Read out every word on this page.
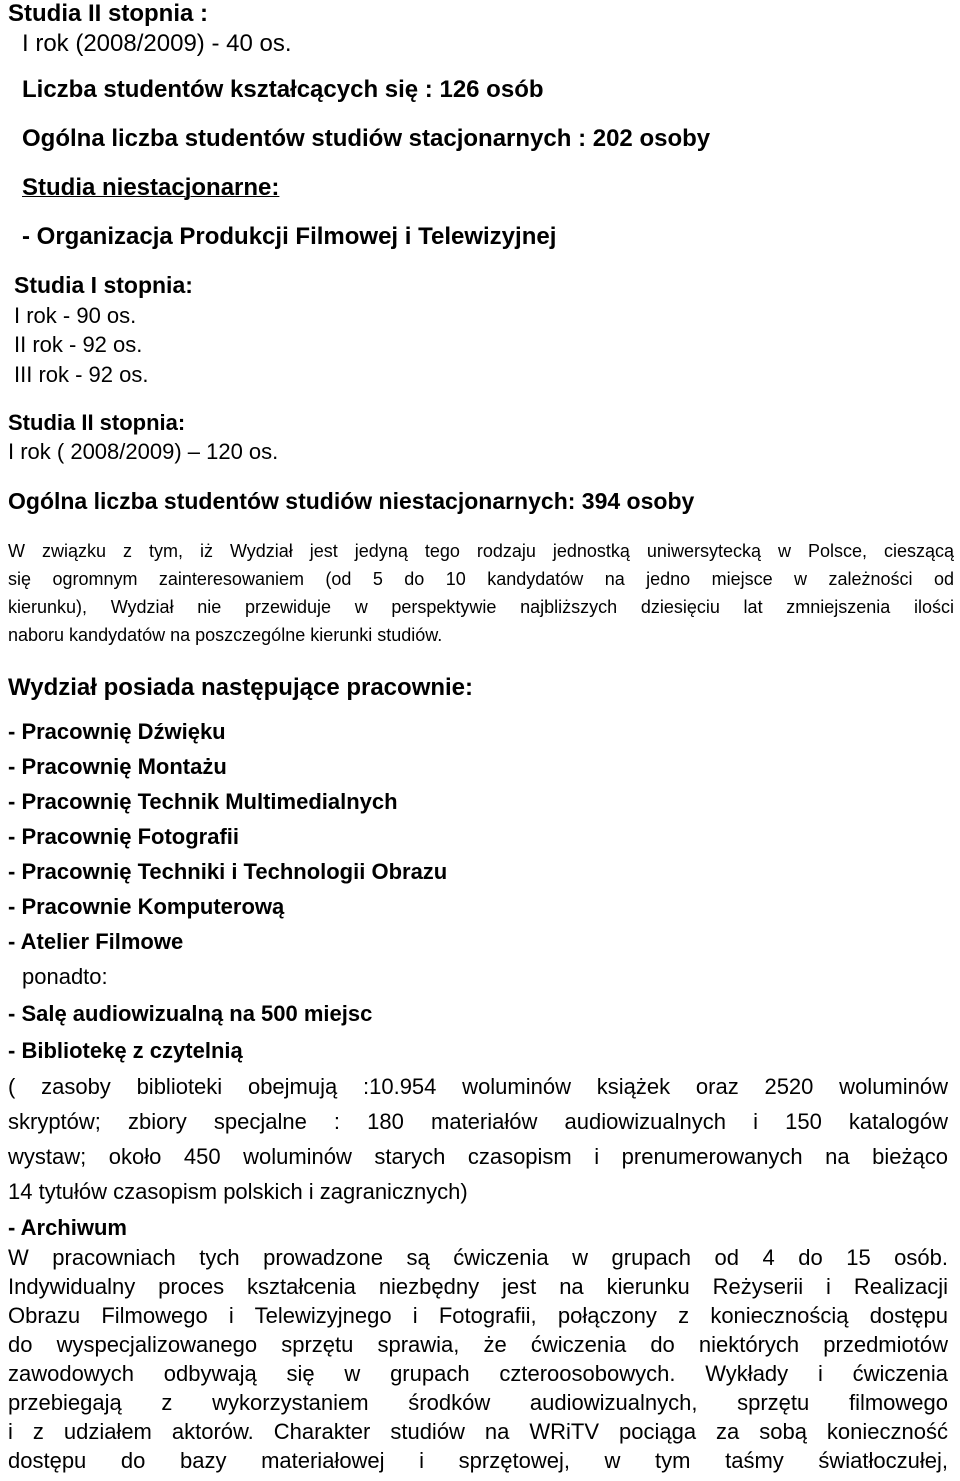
Studia II stopnia :
I rok (2008/2009) - 40 os.
Liczba studentów kształcących się : 126 osób
Ogólna liczba studentów studiów stacjonarnych : 202 osoby
Studia niestacjonarne:
- Organizacja Produkcji Filmowej i Telewizyjnej
Studia I stopnia:
I rok - 90 os.
II rok - 92 os.
III rok - 92 os.
Studia II stopnia:
I rok ( 2008/2009) – 120 os.
Ogólna liczba studentów studiów niestacjonarnych: 394 osoby
W związku z tym, iż Wydział jest jedyną tego rodzaju jednostką uniwersytecką w Polsce, cieszącą
się ogromnym zainteresowaniem (od 5 do 10 kandydatów na jedno miejsce w zależności od
kierunku), Wydział nie przewiduje w perspektywie najbliższych dziesięciu lat zmniejszenia ilości
naboru kandydatów na poszczególne kierunki studiów.
Wydział posiada następujące pracownie:
- Pracownię Dźwięku
- Pracownię Montażu
- Pracownię Technik Multimedialnych
- Pracownię Fotografii
- Pracownię Techniki i Technologii Obrazu
- Pracownie Komputerową
- Atelier Filmowe
ponadto:
- Salę audiowizualną na 500 miejsc
- Bibliotekę z czytelnią
( zasoby biblioteki obejmują :10.954 woluminów książek oraz 2520 woluminów
skryptów; zbiory specjalne : 180 materiałów audiowizualnych i 150 katalogów
wystaw; około 450 woluminów starych czasopism i prenumerowanych na bieżąco
14 tytułów czasopism polskich i zagranicznych)
- Archiwum
W pracowniach tych prowadzone są ćwiczenia w grupach od 4 do 15 osób.
Indywidualny proces kształcenia niezbędny jest na kierunku Reżyserii i Realizacji
Obrazu Filmowego i Telewizyjnego i Fotografii, połączony z koniecznością dostępu
do wyspecjalizowanego sprzętu sprawia, że ćwiczenia do niektórych przedmiotów
zawodowych odbywają się w grupach czteroosobowych. Wykłady i ćwiczenia
przebiegają z wykorzystaniem środków audiowizualnych, sprzętu filmowego
i z udziałem aktorów. Charakter studiów na WRiTV pociąga za sobą konieczność
dostępu do bazy materiałowej i sprzętowej, w tym taśmy światłoczułej,
